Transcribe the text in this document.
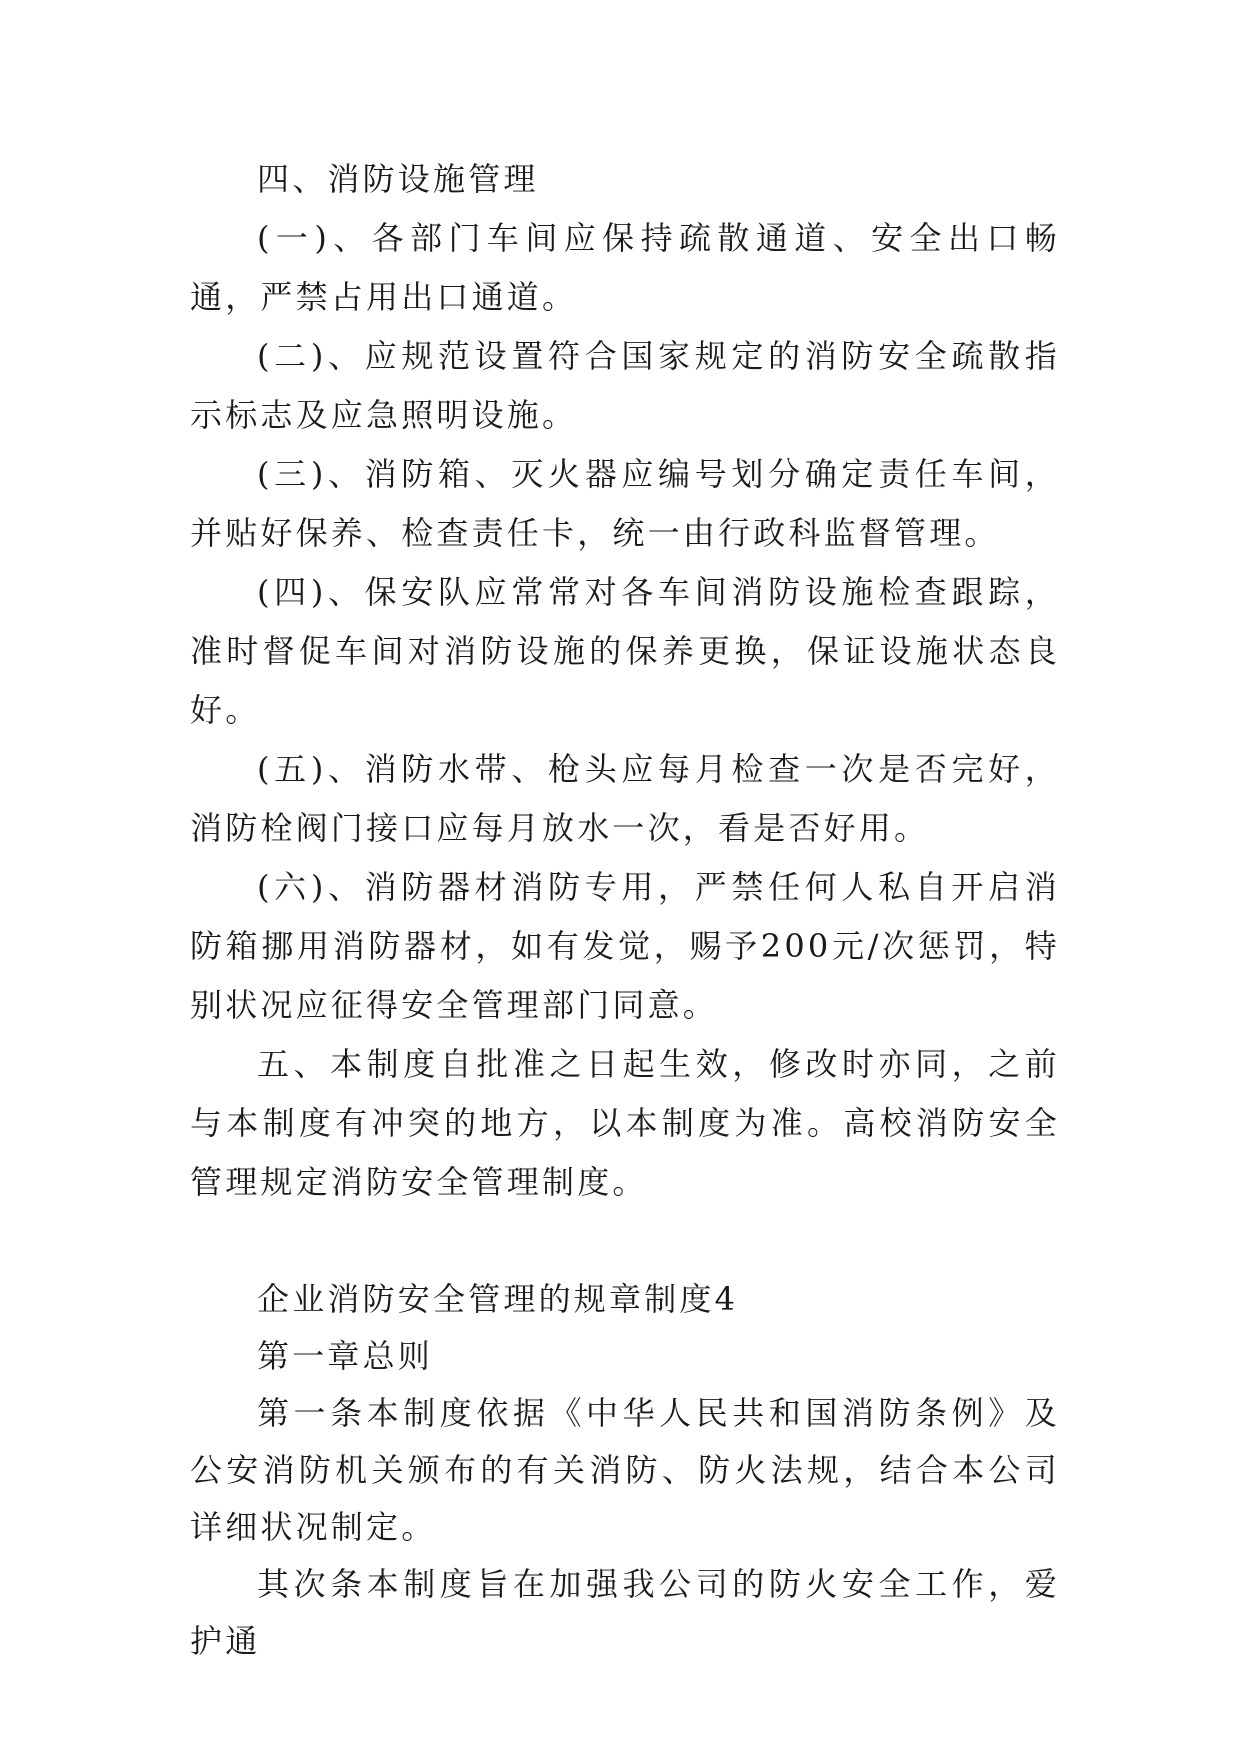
四、消防设施管理

(一)、各部门车间应保持疏散通道、安全出口畅通，严禁占用出口通道。

(二)、应规范设置符合国家规定的消防安全疏散指示标志及应急照明设施。

(三)、消防箱、灭火器应编号划分确定责任车间，并贴好保养、检查责任卡，统一由行政科监督管理。

(四)、保安队应常常对各车间消防设施检查跟踪，准时督促车间对消防设施的保养更换，保证设施状态良好。

(五)、消防水带、枪头应每月检查一次是否完好，消防栓阀门接口应每月放水一次，看是否好用。

(六)、消防器材消防专用，严禁任何人私自开启消防箱挪用消防器材，如有发觉，赐予200元/次惩罚，特别状况应征得安全管理部门同意。

五、本制度自批准之日起生效，修改时亦同，之前与本制度有冲突的地方，以本制度为准。高校消防安全管理规定消防安全管理制度。

企业消防安全管理的规章制度4

第一章总则

第一条本制度依据《中华人民共和国消防条例》及公安消防机关颁布的有关消防、防火法规，结合本公司详细状况制定。

其次条本制度旨在加强我公司的防火安全工作，爱护通
